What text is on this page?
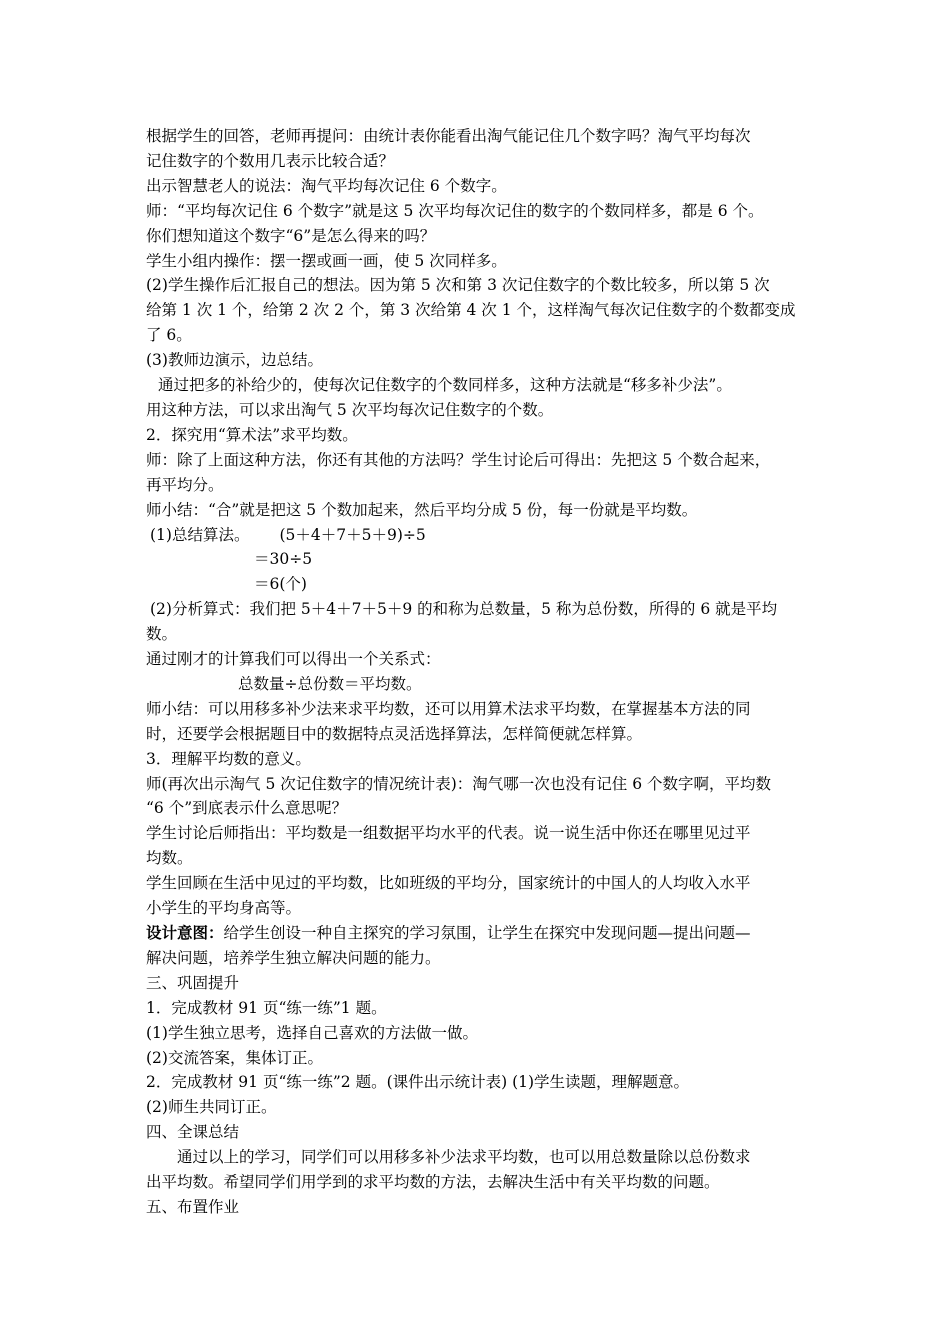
根据学生的回答，老师再提问：由统计表你能看出淘气能记住几个数字吗？淘气平均每次

记住数字的个数用几表示比较合适？

出示智慧老人的说法：淘气平均每次记住 6 个数字。

师：“平均每次记住 6 个数字”就是这 5 次平均每次记住的数字的个数同样多，都是 6 个。

你们想知道这个数字“6”是怎么得来的吗？

学生小组内操作：摆一摆或画一画，使 5 次同样多。

(2)学生操作后汇报自己的想法。因为第 5 次和第 3 次记住数字的个数比较多，所以第 5 次

给第 1 次 1 个，给第 2 次 2 个，第 3 次给第 4 次 1 个，这样淘气每次记住数字的个数都变成

了 6。

(3)教师边演示，边总结。

通过把多的补给少的，使每次记住数字的个数同样多，这种方法就是“移多补少法”。

用这种方法，可以求出淘气 5 次平均每次记住数字的个数。

2．探究用“算术法”求平均数。

师：除了上面这种方法，你还有其他的方法吗？学生讨论后可得出：先把这 5 个数合起来，

再平均分。

师小结：“合”就是把这 5 个数加起来，然后平均分成 5 份，每一份就是平均数。

(1)总结算法。 (5＋4＋7＋5＋9)÷5

＝30÷5

＝6(个)

(2)分析算式：我们把 5＋4＋7＋5＋9 的和称为总数量，5 称为总份数，所得的 6 就是平均

数。

通过刚才的计算我们可以得出一个关系式：

总数量÷总份数＝平均数。

师小结：可以用移多补少法来求平均数，还可以用算术法求平均数，在掌握基本方法的同

时，还要学会根据题目中的数据特点灵活选择算法，怎样简便就怎样算。

3．理解平均数的意义。

师(再次出示淘气 5 次记住数字的情况统计表)：淘气哪一次也没有记住 6 个数字啊，平均数

“6 个”到底表示什么意思呢？

学生讨论后师指出：平均数是一组数据平均水平的代表。说一说生活中你还在哪里见过平

均数。

学生回顾在生活中见过的平均数，比如班级的平均分，国家统计的中国人的人均收入水平

小学生的平均身高等。

设计意图：给学生创设一种自主探究的学习氛围，让学生在探究中发现问题—提出问题—

解决问题，培养学生独立解决问题的能力。

三、巩固提升

1．完成教材 91 页“练一练”1 题。

(1)学生独立思考，选择自己喜欢的方法做一做。

(2)交流答案，集体订正。

2．完成教材 91 页“练一练”2 题。(课件出示统计表) (1)学生读题，理解题意。

(2)师生共同订正。

四、全课总结

通过以上的学习，同学们可以用移多补少法求平均数，也可以用总数量除以总份数求

出平均数。希望同学们用学到的求平均数的方法，去解决生活中有关平均数的问题。

五、布置作业
